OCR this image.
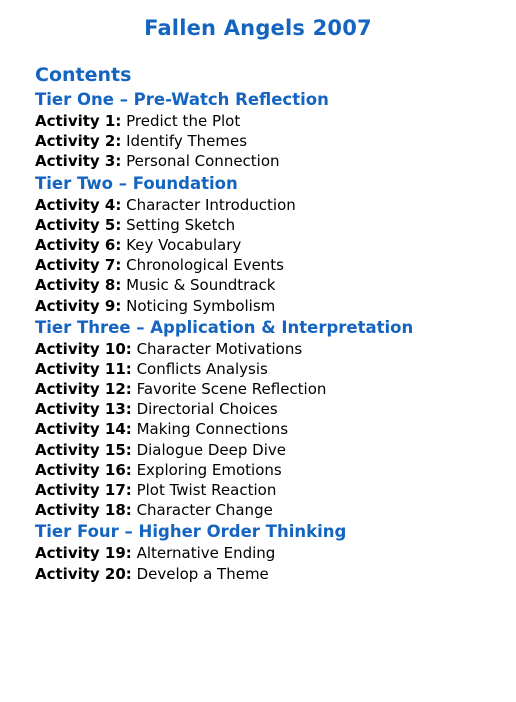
Fallen Angels 2007
Contents
Tier One – Pre-Watch Reflection
Activity 1: Predict the Plot
Activity 2: Identify Themes
Activity 3: Personal Connection
Tier Two – Foundation
Activity 4: Character Introduction
Activity 5: Setting Sketch
Activity 6: Key Vocabulary
Activity 7: Chronological Events
Activity 8: Music & Soundtrack
Activity 9: Noticing Symbolism
Tier Three – Application & Interpretation
Activity 10: Character Motivations
Activity 11: Conflicts Analysis
Activity 12: Favorite Scene Reflection
Activity 13: Directorial Choices
Activity 14: Making Connections
Activity 15: Dialogue Deep Dive
Activity 16: Exploring Emotions
Activity 17: Plot Twist Reaction
Activity 18: Character Change
Tier Four – Higher Order Thinking
Activity 19: Alternative Ending
Activity 20: Develop a Theme
